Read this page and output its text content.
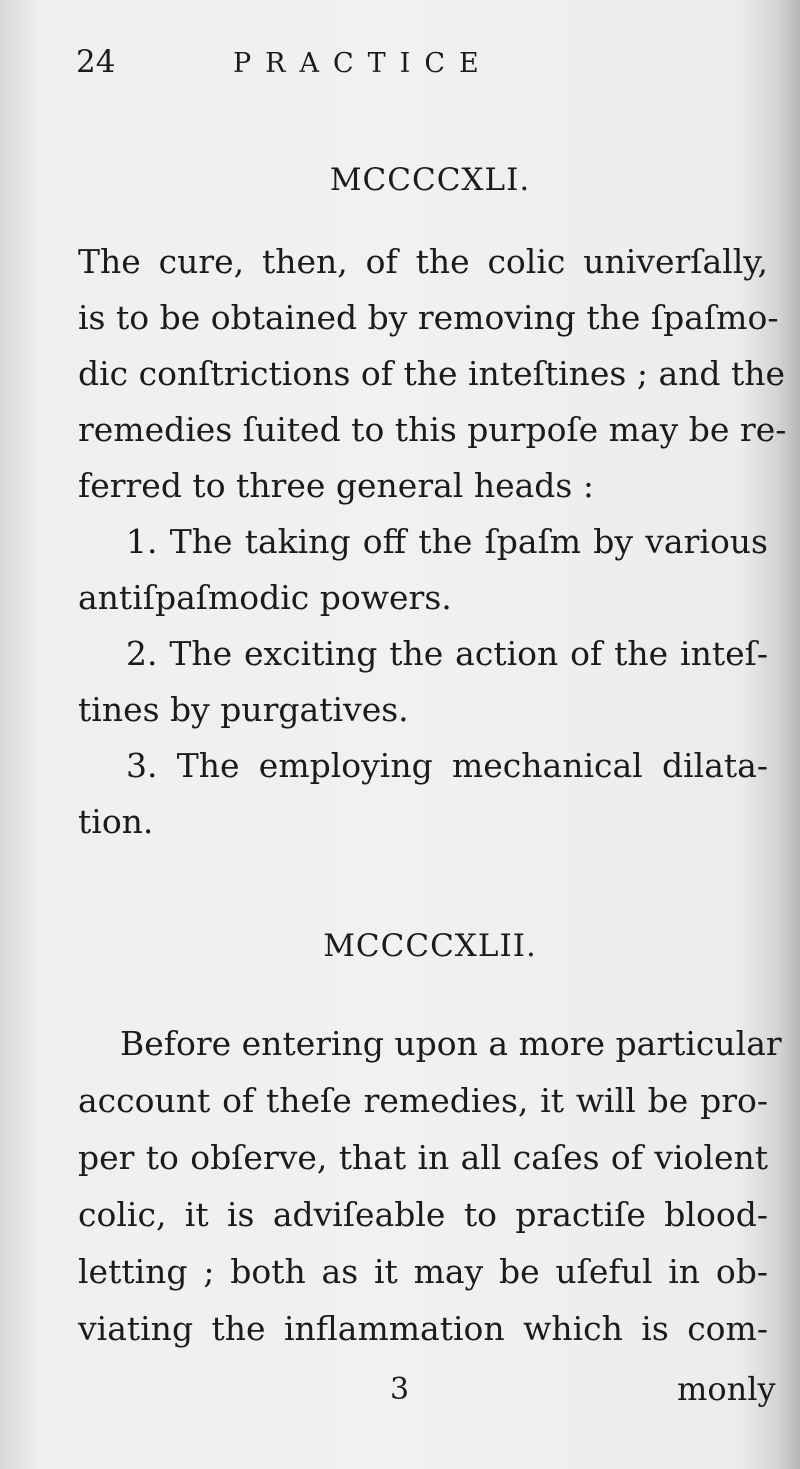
24	PRACTICE
MCCCCXLI.
The cure, then, of the colic univerſally,
is to be obtained by removing the ſpaſmo-
dic conſtrictions of the inteſtines ; and the
remedies ſuited to this purpoſe may be re-
ferred to three general heads :
1. The taking off the ſpaſm by various
antiſpaſmodic powers.
2. The exciting the action of the inteſ-
tines by purgatives.
3. The employing mechanical dilata-
tion.
MCCCCXLII.
Before entering upon a more particular
account of theſe remedies, it will be pro-
per to obſerve, that in all caſes of violent
colic, it is adviſeable to practiſe blood-
letting ; both as it may be uſeful in ob-
viating the inflammation which is com-
3	monly
